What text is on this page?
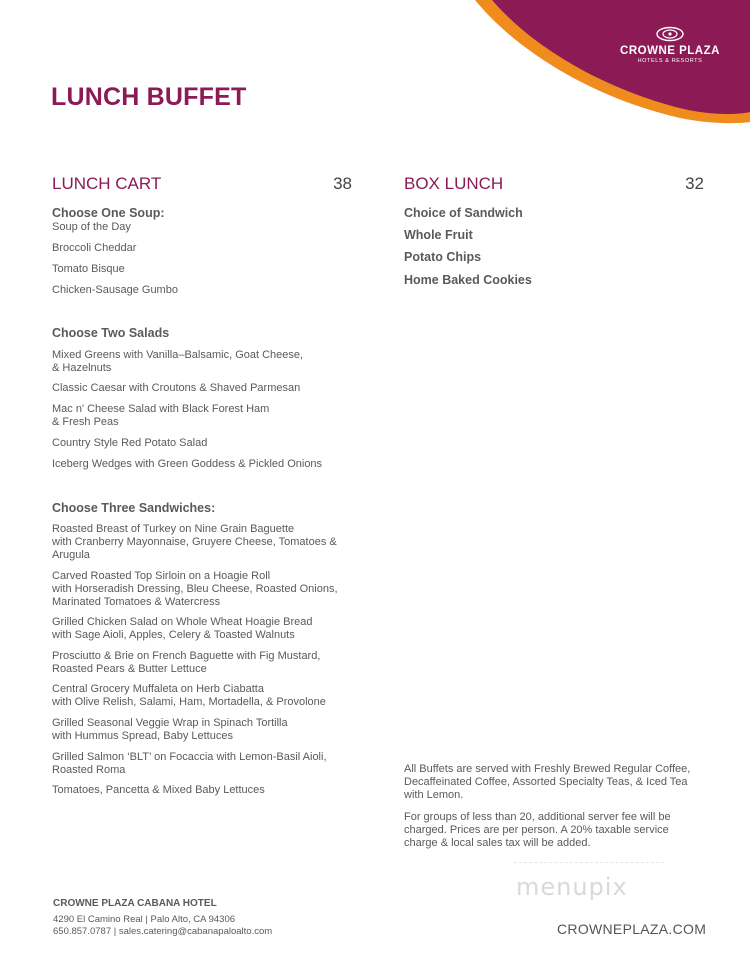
CROWNE PLAZA
HOTELS & RESORTS
LUNCH BUFFET
LUNCH CART	38
Choose One Soup:
Soup of the Day
Broccoli Cheddar
Tomato Bisque
Chicken-Sausage Gumbo
Choose Two Salads
Mixed Greens with Vanilla–Balsamic, Goat Cheese,
& Hazelnuts
Classic Caesar with Croutons & Shaved Parmesan
Mac n' Cheese Salad with Black Forest Ham
& Fresh Peas
Country Style Red Potato Salad
Iceberg Wedges with Green Goddess & Pickled Onions
Choose Three Sandwiches:
Roasted Breast of Turkey on Nine Grain Baguette
with Cranberry Mayonnaise, Gruyere Cheese, Tomatoes &
Arugula
Carved Roasted Top Sirloin on a Hoagie Roll
with Horseradish Dressing, Bleu Cheese, Roasted Onions,
Marinated Tomatoes & Watercress
Grilled Chicken Salad on Whole Wheat Hoagie Bread
with Sage Aioli, Apples, Celery & Toasted Walnuts
Prosciutto & Brie on French Baguette with Fig Mustard,
Roasted Pears & Butter Lettuce
Central Grocery Muffaleta on Herb Ciabatta
with Olive Relish, Salami, Ham, Mortadella, & Provolone
Grilled Seasonal Veggie Wrap in Spinach Tortilla
with Hummus Spread, Baby Lettuces
Grilled Salmon ‘BLT’ on Focaccia with Lemon-Basil Aioli,
Roasted Roma
Tomatoes, Pancetta & Mixed Baby Lettuces
BOX LUNCH	32
Choice of Sandwich
Whole Fruit
Potato Chips
Home Baked Cookies
All Buffets are served with Freshly Brewed Regular Coffee,
Decaffeinated Coffee, Assorted Specialty Teas, & Iced Tea
with Lemon.
For groups of less than 20, additional server fee will be
charged. Prices are per person. A 20% taxable service
charge & local sales tax will be added.
menupix
CROWNE PLAZA CABANA HOTEL
4290 El Camino Real | Palo Alto, CA 94306
650.857.0787 | sales.catering@cabanapaloalto.com	CROWNEPLAZA.COM
